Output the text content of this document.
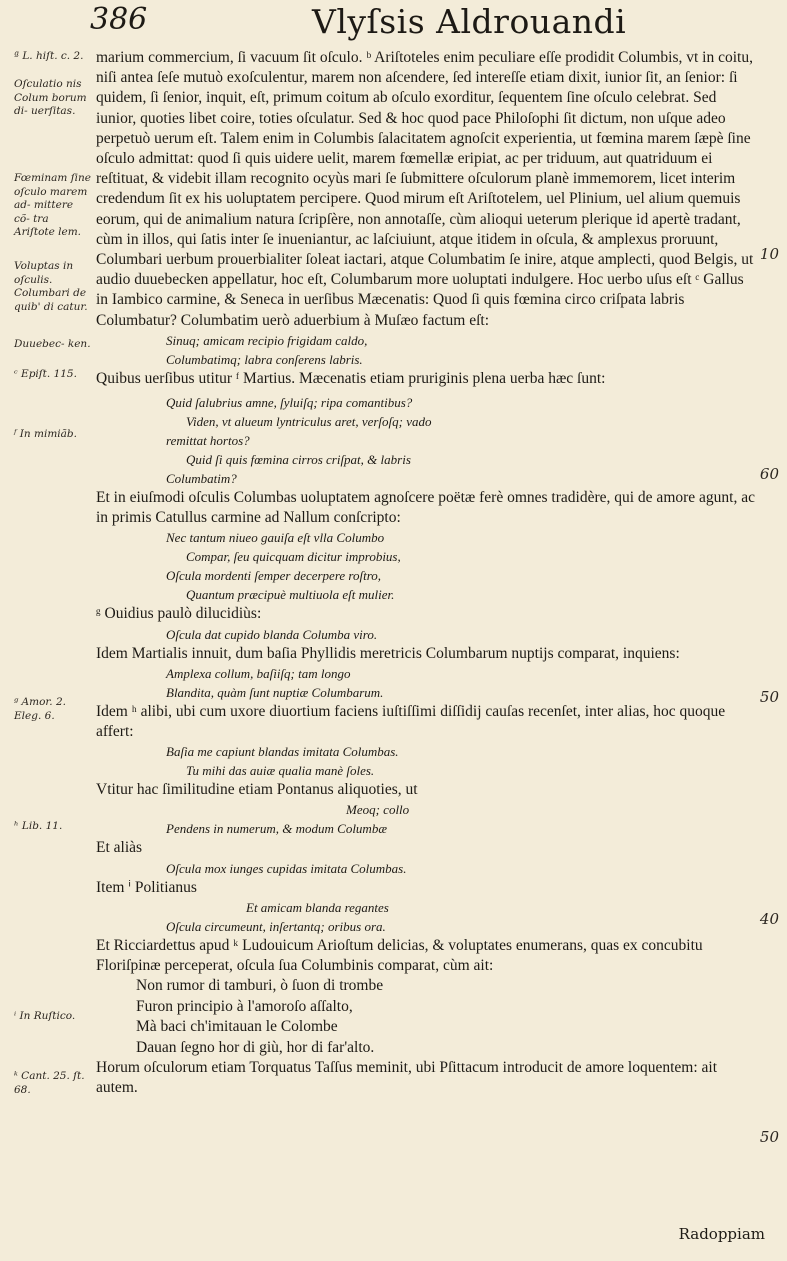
386	Vlyſsis Aldrouandi
ª L. hiſt. c. 2.
Oſculatio nis Colum borum di- uerſitas.
Fœminam ſine oſculo marem ad- mittere cõ- tra Ariſtote lem.
Voluptas in oſculis. Columbari de quib' di catur.
Duuebec- ken.
ᶜ Epiſt. 115.
ᶠ In mimiãb.
ᵍ Amor. 2. Eleg. 6.
ʰ Lib. 11.
ⁱ In Ruſtico.
ᵏ Cant. 25. ſt. 68.
10
60
50
40
50

marium commercium, ſi vacuum ſit oſculo. ᵇ Ariſtoteles enim peculiare eſſe prodidit Columbis, vt in coitu, niſi antea ſeſe mutuò exoſculentur, marem non aſcendere, ſed intereſſe etiam dixit, iunior ſit, an ſenior: ſi quidem, ſi ſenior, inquit, eſt, primum coitum ab oſculo exorditur, ſequentem ſine oſculo celebrat. Sed iunior, quoties libet coire, toties oſculatur. Sed & hoc quod pace Philoſophi ſit dictum, non uſque adeo perpetuò uerum eſt. Talem enim in Columbis ſalacitatem agnoſcit experientia, ut fœmina marem ſæpè ſine oſculo admittat: quod ſi quis uidere uelit, marem fœmellæ eripiat, ac per triduum, aut quatriduum ei reſtituat, & videbit illam recognito ocyùs mari ſe ſubmittere oſculorum planè immemorem, licet interim credendum ſit ex his uoluptatem percipere. Quod mirum eſt Ariſtotelem, uel Plinium, uel alium quemuis eorum, qui de animalium natura ſcripſère, non annotaſſe, cùm alioqui ueterum plerique id apertè tradant, cùm in illos, qui ſatis inter ſe inueniantur, ac laſciuiunt, atque itidem in oſcula, & amplexus proruunt, Columbari uerbum prouerbialiter ſoleat iactari, atque Columbatim ſe inire, atque amplecti, quod Belgis, ut audio duuebecken appellatur, hoc eſt, Columbarum more uoluptati indulgere. Hoc uerbo uſus eſt ᶜ Gallus in Iambico carmine, & Seneca in uerſibus Mæcenatis: Quod ſi quis fœmina circo criſpata labris Columbatur? Columbatim uerò aduerbium à Muſæo factum eſt:

Sinuq; amicam recipio frigidam caldo,

Columbatimq; labra conſerens labris.

Quibus uerſibus utitur ᶠ Martius. Mæcenatis etiam pruriginis plena uerba hæc ſunt:

Quid ſalubrius amne, ſyluiſq; ripa comantibus?

Viden, vt alueum lyntriculus aret, verſoſq; vado

remittat hortos?

Quid ſi quis fœmina cirros criſpat, & labris

Columbatim?

Et in eiuſmodi oſculis Columbas uoluptatem agnoſcere poëtæ ferè omnes tradidère, qui de amore agunt, ac in primis Catullus carmine ad Nallum conſcripto:

Nec tantum niueo gauiſa eſt vlla Columbo

Compar, ſeu quicquam dicitur improbius,

Oſcula mordenti ſemper decerpere roſtro,

Quantum præcipuè multiuola eſt mulier.

ᵍ Ouidius paulò dilucidiùs:

Oſcula dat cupido blanda Columba viro.

Idem Martialis innuit, dum baſia Phyllidis meretricis Columbarum nuptijs comparat, inquiens:

Amplexa collum, baſiiſq; tam longo

Blandita, quàm ſunt nuptiæ Columbarum.

Idem ʰ alibi, ubi cum uxore diuortium faciens iuſtiſſimi diſſidij cauſas recenſet, inter alias, hoc quoque affert:

Baſia me capiunt blandas imitata Columbas.

Tu mihi das auiæ qualia manè ſoles.

Vtitur hac ſimilitudine etiam Pontanus aliquoties, ut

Meoq; collo

Pendens in numerum, & modum Columbæ

Et aliàs

Oſcula mox iunges cupidas imitata Columbas.

Item ⁱ Politianus

Et amicam blanda regantes

Oſcula circumeunt, inſertantq; oribus ora.

Et Ricciardettus apud ᵏ Ludouicum Arioſtum delicias, & voluptates enumerans, quas ex concubitu Floriſpinæ perceperat, oſcula ſua Columbinis comparat, cùm ait:

Non rumor di tamburi, ò ſuon di trombe

Furon principio à l'amoroſo aſſalto,

Mà baci ch'imitauan le Colombe

Dauan ſegno hor di giù, hor di far'alto.

Horum oſculorum etiam Torquatus Taſſus meminit, ubi Pſittacum introducit de amore loquentem: ait autem.

Radoppiam
